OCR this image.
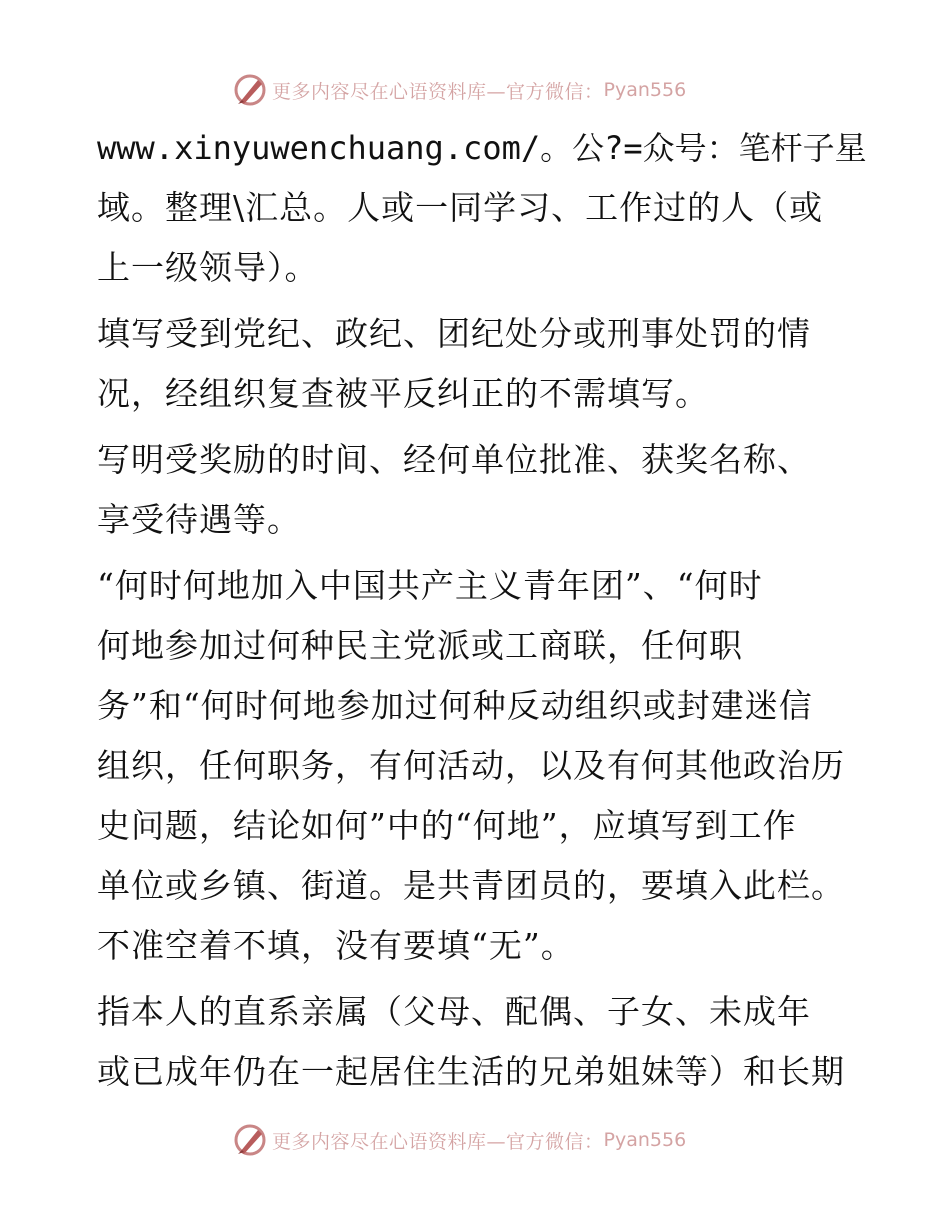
更多内容尽在心语资料库—官方微信： Pyan556

www.xinyuwenchuang.com/。公?=众号：笔杆子星
域。整理\汇总。人或一同学习、工作过的人（或
上一级领导）。

填写受到党纪、政纪、团纪处分或刑事处罚的情
况，经组织复查被平反纠正的不需填写。

写明受奖励的时间、经何单位批准、获奖名称、
享受待遇等。

“何时何地加入中国共产主义青年团”、“何时
何地参加过何种民主党派或工商联，任何职
务”和“何时何地参加过何种反动组织或封建迷信
组织，任何职务，有何活动，以及有何其他政治历
史问题，结论如何”中的“何地”，应填写到工作
单位或乡镇、街道。是共青团员的，要填入此栏。
不准空着不填，没有要填“无”。

指本人的直系亲属（父母、配偶、子女、未成年
或已成年仍在一起居住生活的兄弟姐妹等）和长期

更多内容尽在心语资料库—官方微信： Pyan556
